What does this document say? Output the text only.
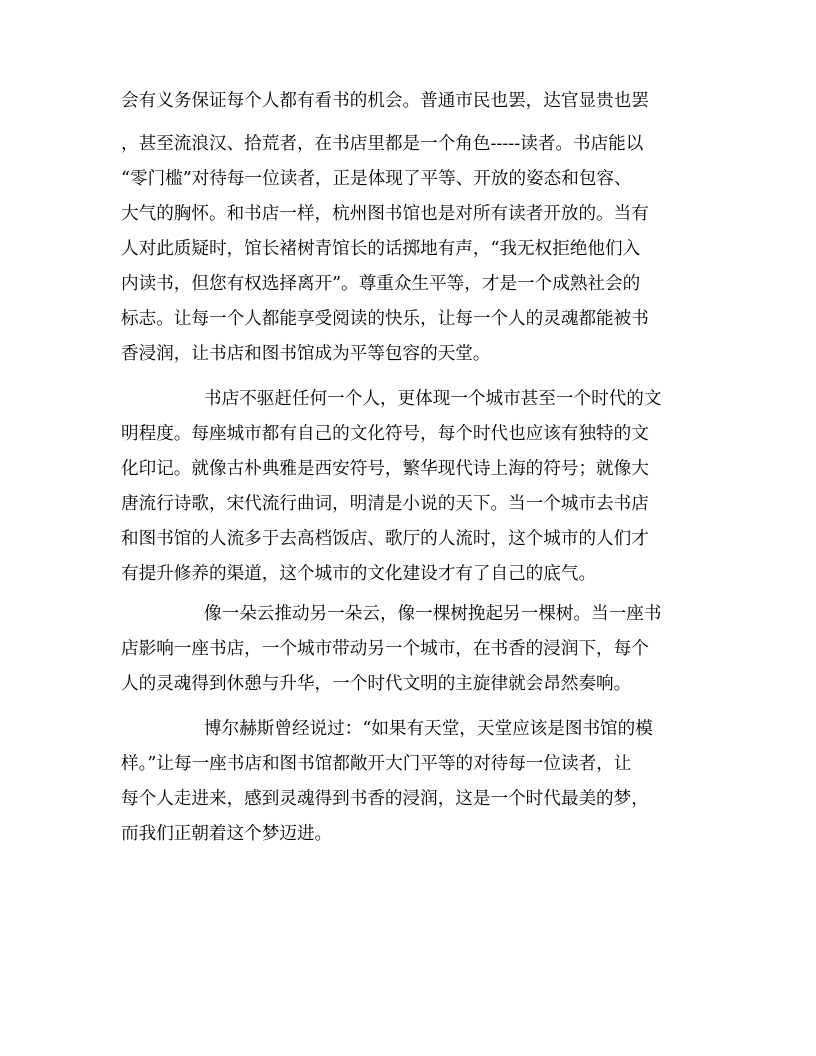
会有义务保证每个人都有看书的机会。普通市民也罢，达官显贵也罢

，甚至流浪汉、拾荒者，在书店里都是一个角色-----读者。书店能以

“零门槛”对待每一位读者，正是体现了平等、开放的姿态和包容、

大气的胸怀。和书店一样，杭州图书馆也是对所有读者开放的。当有

人对此质疑时，馆长褚树青馆长的话掷地有声，“我无权拒绝他们入

内读书，但您有权选择离开”。尊重众生平等，才是一个成熟社会的

标志。让每一个人都能享受阅读的快乐，让每一个人的灵魂都能被书

香浸润，让书店和图书馆成为平等包容的天堂。

书店不驱赶任何一个人，更体现一个城市甚至一个时代的文

明程度。每座城市都有自己的文化符号，每个时代也应该有独特的文

化印记。就像古朴典雅是西安符号，繁华现代诗上海的符号；就像大

唐流行诗歌，宋代流行曲词，明清是小说的天下。当一个城市去书店

和图书馆的人流多于去高档饭店、歌厅的人流时，这个城市的人们才

有提升修养的渠道，这个城市的文化建设才有了自己的底气。

像一朵云推动另一朵云，像一棵树挽起另一棵树。当一座书

店影响一座书店，一个城市带动另一个城市，在书香的浸润下，每个

人的灵魂得到休憩与升华，一个时代文明的主旋律就会昂然奏响。

博尔赫斯曾经说过：“如果有天堂，天堂应该是图书馆的模

样。”让每一座书店和图书馆都敞开大门平等的对待每一位读者，让

每个人走进来，感到灵魂得到书香的浸润，这是一个时代最美的梦，

而我们正朝着这个梦迈进。
